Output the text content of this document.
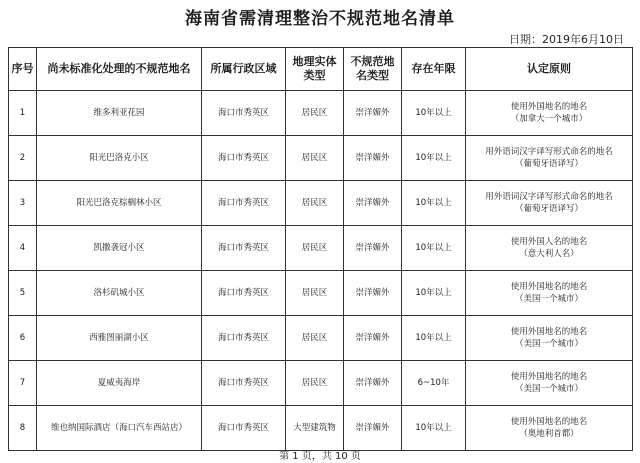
海南省需清理整治不规范地名清单
日期：2019年6月10日
序号	尚未标准化处理的不规范地名	所属行政区域	地理实体类型	不规范地名类型	存在年限	认定原则
1	维多利亚花园	海口市秀英区	居民区	崇洋媚外	10年以上	使用外国地名的地名
（加拿大一个城市）

2	阳光巴洛克小区	海口市秀英区	居民区	崇洋媚外	10年以上	用外语词汉字译写形式命名的地名
（葡萄牙语译写）

3	阳光巴洛克棕榈林小区	海口市秀英区	居民区	崇洋媚外	10年以上	用外语词汉字译写形式命名的地名
（葡萄牙语译写）

4	凯撒袭冠小区	海口市秀英区	居民区	崇洋媚外	10年以上	使用外国人名的地名
（意大利人名）

5	洛杉矶城小区	海口市秀英区	居民区	崇洋媚外	10年以上	使用外国地名的地名
（美国一个城市）

6	西雅图丽湖小区	海口市秀英区	居民区	崇洋媚外	10年以上	使用外国地名的地名
（美国一个城市）

7	夏威夷海岸	海口市秀英区	居民区	崇洋媚外	6~10年	使用外国地名的地名
（美国一个城市）

8	维也纳国际酒店（海口汽车西站店）	海口市秀英区	大型建筑物	崇洋媚外	10年以上	使用外国地名的地名
（奥地利首都）
第 1 页，共 10 页
